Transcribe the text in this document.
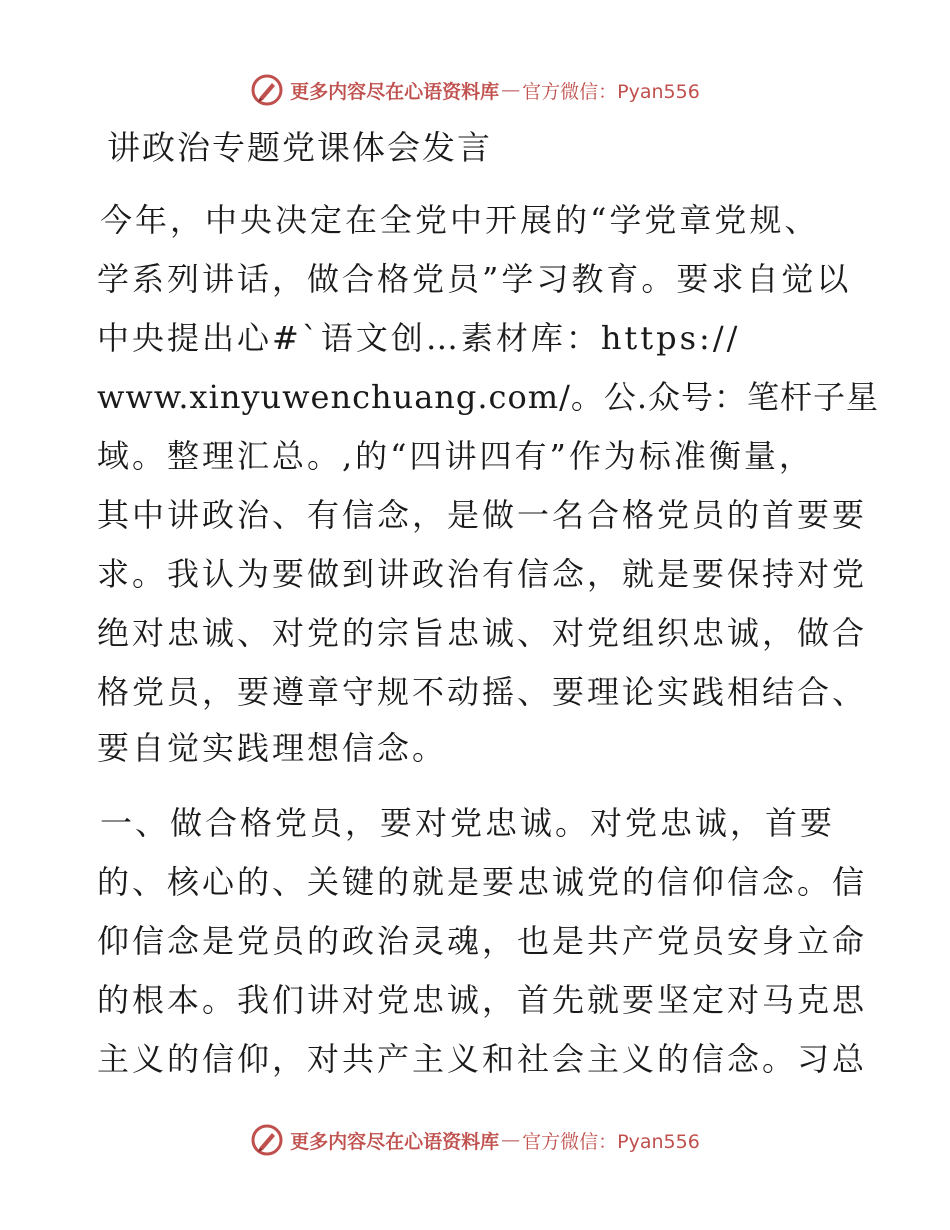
更多内容尽在心语资料库 — 官方微信：Pyan556
讲政治专题党课体会发言

今年，中央决定在全党中开展的“学党章党规、

学系列讲话，做合格党员”学习教育。要求自觉以

中央提出心#`语文创…素材库：https://

www.xinyuwenchuang.com/。公.众号：笔杆子星

域。整理汇总。,的“四讲四有”作为标准衡量，

其中讲政治、有信念，是做一名合格党员的首要要

求。我认为要做到讲政治有信念，就是要保持对党

绝对忠诚、对党的宗旨忠诚、对党组织忠诚，做合

格党员，要遵章守规不动摇、要理论实践相结合、

要自觉实践理想信念。

一、做合格党员，要对党忠诚。对党忠诚，首要

的、核心的、关键的就是要忠诚党的信仰信念。信

仰信念是党员的政治灵魂，也是共产党员安身立命

的根本。我们讲对党忠诚，首先就要坚定对马克思

主义的信仰，对共产主义和社会主义的信念。习总

更多内容尽在心语资料库 — 官方微信：Pyan556
